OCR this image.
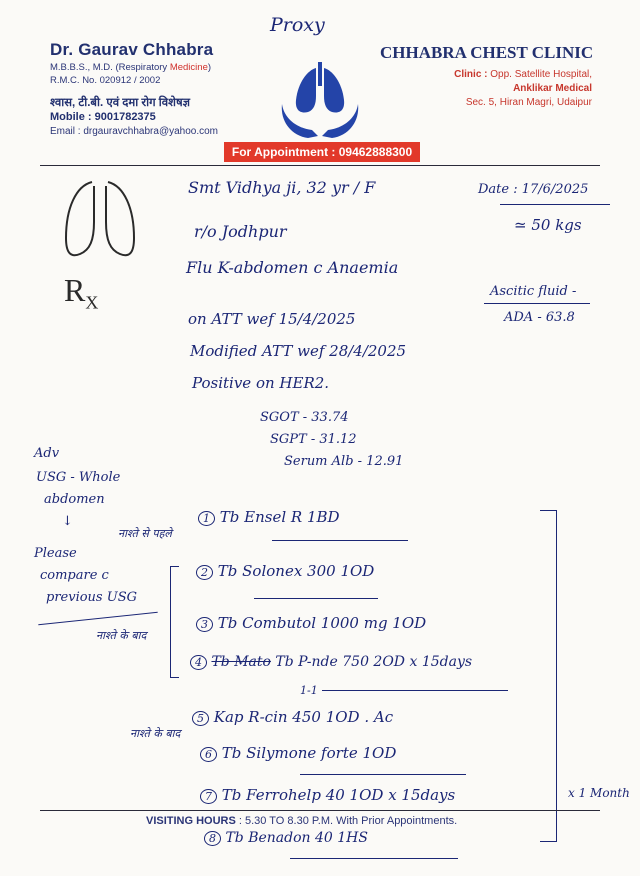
Dr. Gaurav Chhabra
M.B.B.S., M.D. (Respiratory Medicine)
R.M.C. No. 020912 / 2002
श्वास, टी.बी. एवं दमा रोग विशेषज्ञ
Mobile : 9001782375
Email : drgauravchhabra@yahoo.com
CHHABRA CHEST CLINIC
Clinic : Opp. Satellite Hospital,
Anklikar Medical
Sec. 5, Hiran Magri, Udaipur
For Appointment : 09462888300
$R_X$
Proxy
Smt Vidhya ji, 32 yr / F
r/o Jodhpur
Date : 17/6/2025
≃ 50 kgs
Flu K-abdomen c Anaemia
Ascitic fluid -
ADA - 63.8
on ATT wef 15/4/2025
Modified ATT wef 28/4/2025
Positive on HER2.
SGOT - 33.74
SGPT - 31.12
Serum Alb - 12.91
Adv
USG - Whole
abdomen
↓
Please
compare c
previous USG
नाश्ते से पहले
नाश्ते के बाद
नाश्ते के बाद
x 1 Month
1 Tb Ensel R 1BD
2 Tb Solonex 300 1OD
3 Tb Combutol 1000 mg 1OD
4 Tb Mato Tb P-nde 750 2OD x 15days
1-1
5 Kap R-cin 450 1OD . Ac
6 Tb Silymone forte 1OD
7 Tb Ferrohelp 40 1OD x 15days
VISITING HOURS : 5.30 TO 8.30 P.M. With Prior Appointments.
8 Tb Benadon 40 1HS
